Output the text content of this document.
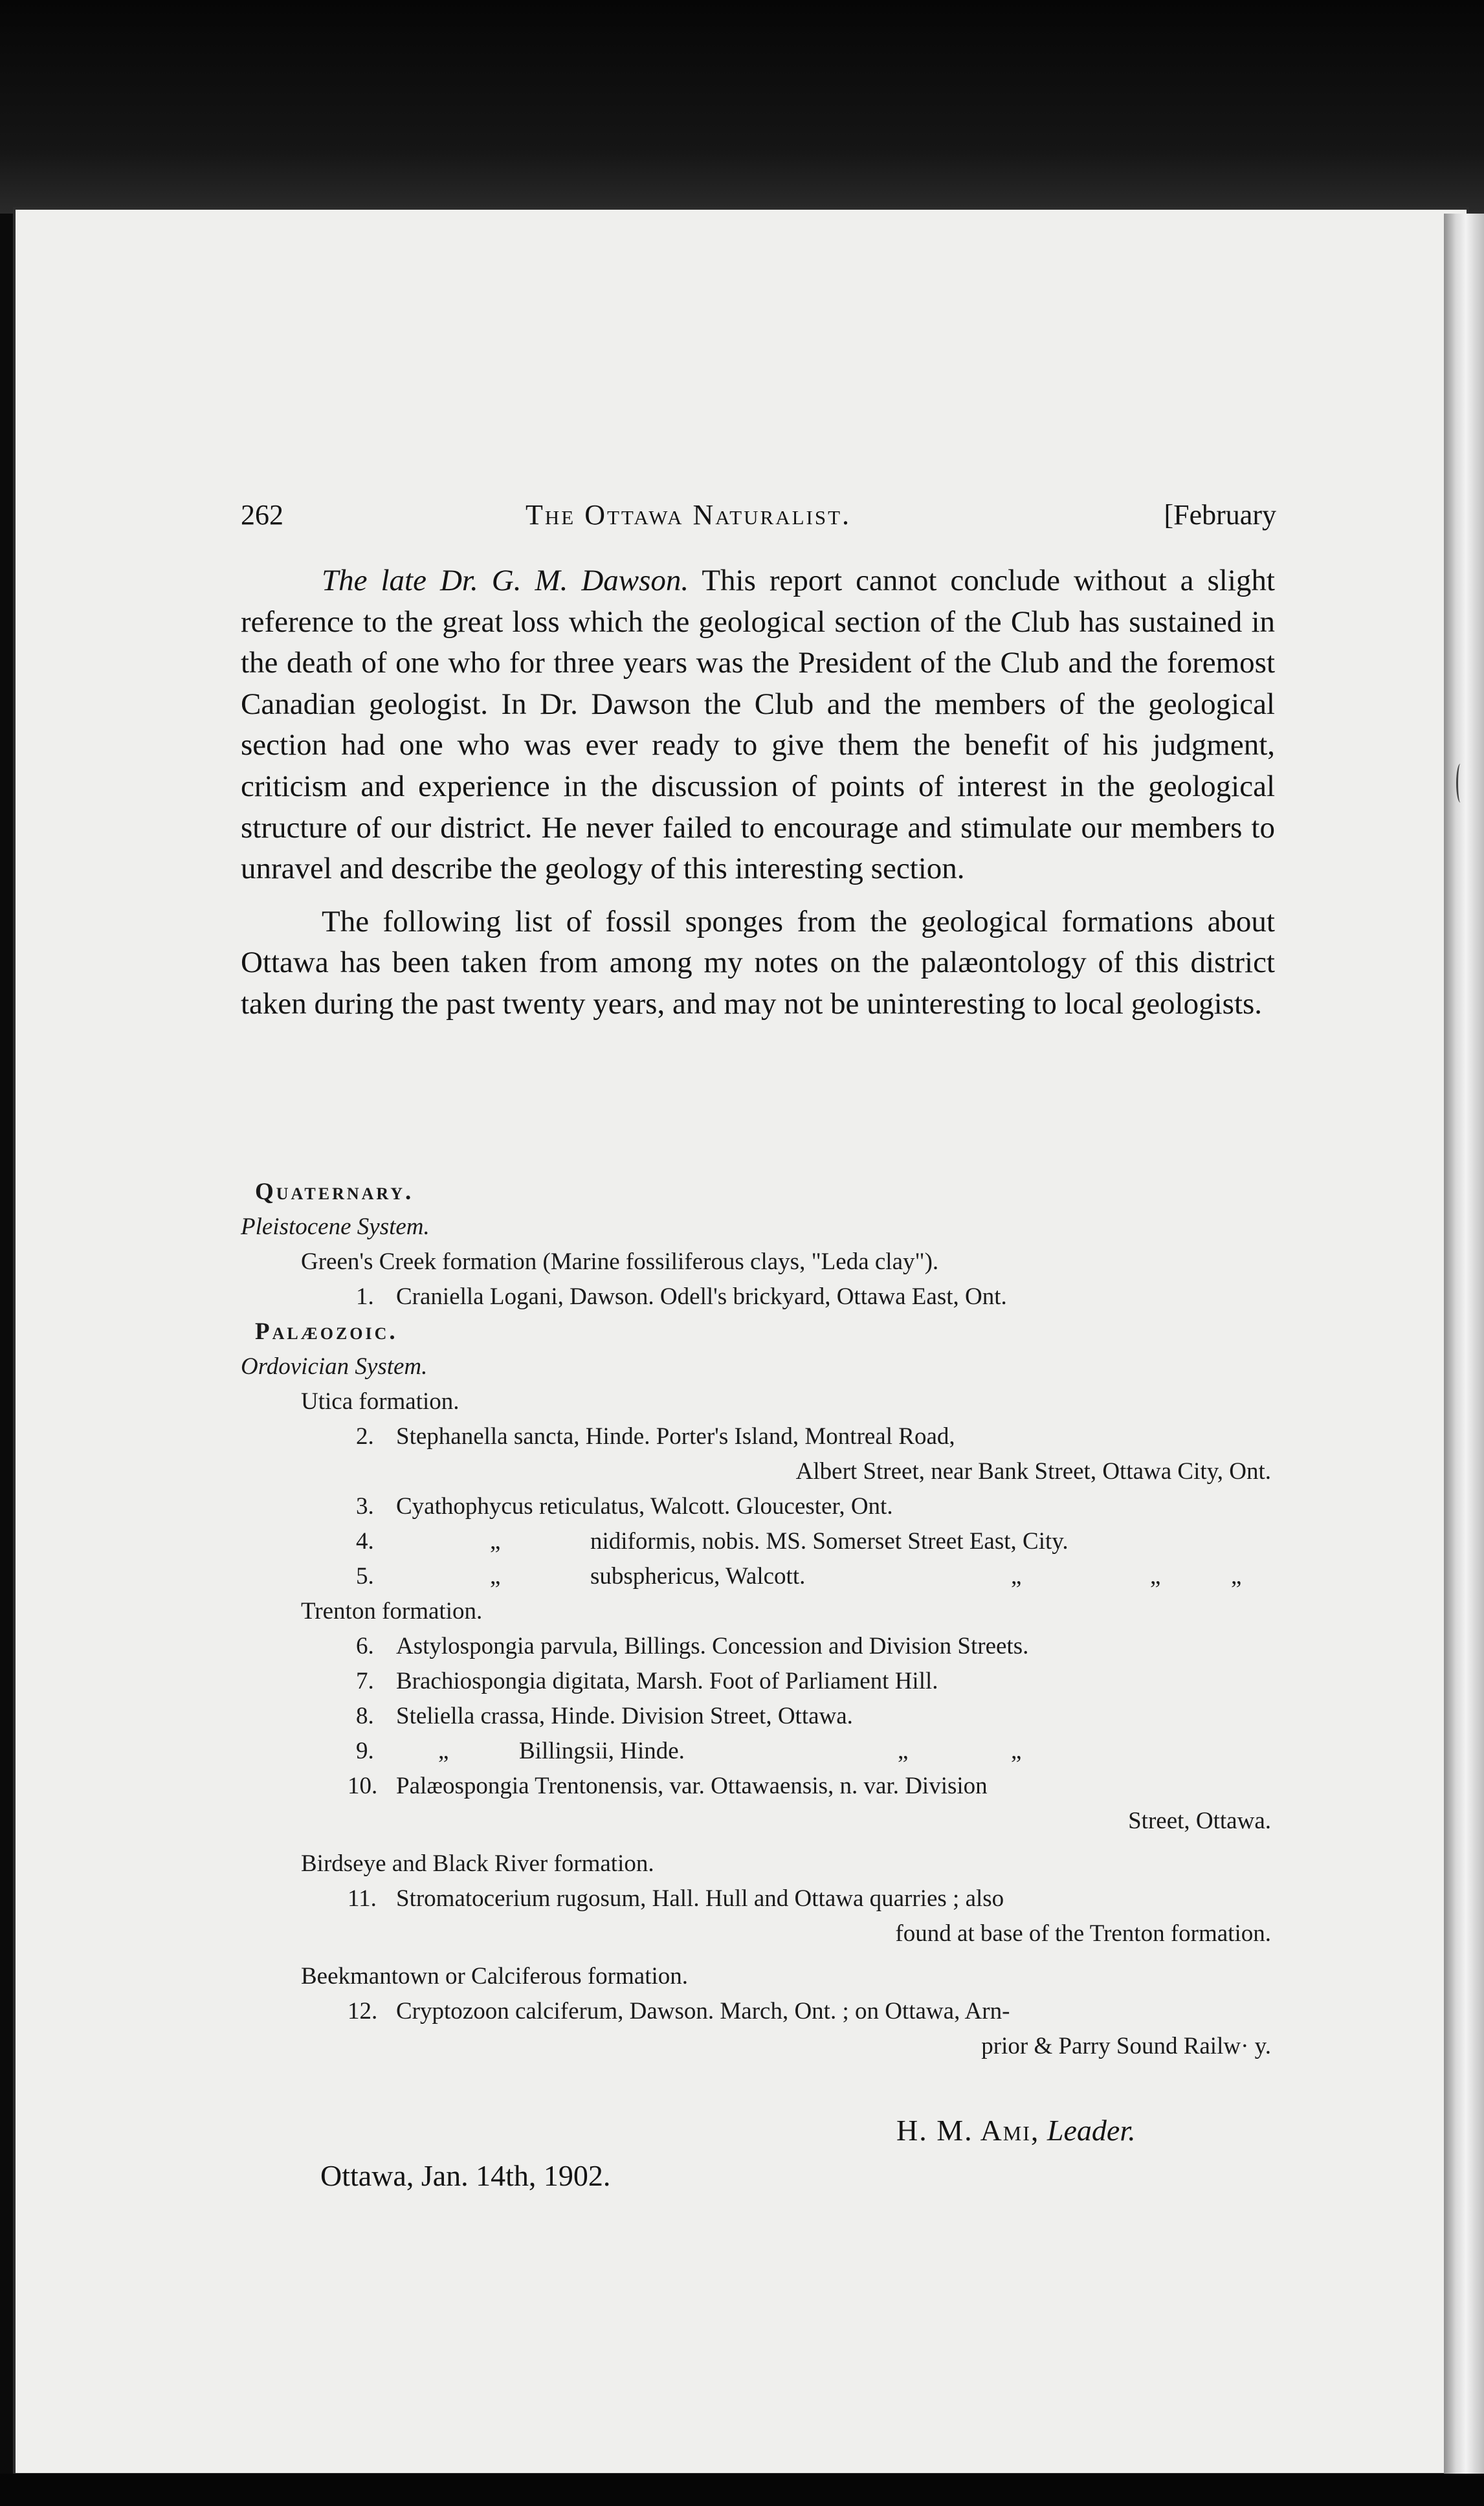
262	The Ottawa Naturalist.	[February

The late Dr. G. M. Dawson. This report cannot conclude without a slight reference to the great loss which the geological section of the Club has sustained in the death of one who for three years was the President of the Club and the foremost Canadian geologist. In Dr. Dawson the Club and the members of the geological section had one who was ever ready to give them the benefit of his judgment, criticism and experience in the discussion of points of interest in the geological structure of our district. He never failed to encourage and stimulate our members to unravel and describe the geology of this interesting section.

The following list of fossil sponges from the geological formations about Ottawa has been taken from among my notes on the palæontology of this district taken during the past twenty years, and may not be uninteresting to local geologists.

Quaternary.
Pleistocene System.
Green's Creek formation (Marine fossiliferous clays, "Leda clay").
1. Craniella Logani, Dawson. Odell's brickyard, Ottawa East, Ont.
Palæozoic.
Ordovician System.
Utica formation.
2. Stephanella sancta, Hinde. Porter's Island, Montreal Road,
Albert Street, near Bank Street, Ottawa City, Ont.
3. Cyathophycus reticulatus, Walcott. Gloucester, Ont.
4.	„	nidiformis, nobis. MS. Somerset Street East, City.
5.	„	subsphericus, Walcott.	„	„	„
Trenton formation.
6. Astylospongia parvula, Billings. Concession and Division Streets.
7. Brachiospongia digitata, Marsh. Foot of Parliament Hill.
8. Steliella crassa, Hinde. Division Street, Ottawa.
9.	„	Billingsii, Hinde.	„	„
10. Palæospongia Trentonensis, var. Ottawaensis, n. var. Division
Street, Ottawa.
Birdseye and Black River formation.
11. Stromatocerium rugosum, Hall. Hull and Ottawa quarries ; also
found at base of the Trenton formation.
Beekmantown or Calciferous formation.
12. Cryptozoon calciferum, Dawson. March, Ont. ; on Ottawa, Arn-
prior & Parry Sound Railw· y.
H. M. Ami, Leader.
Ottawa, Jan. 14th, 1902.
